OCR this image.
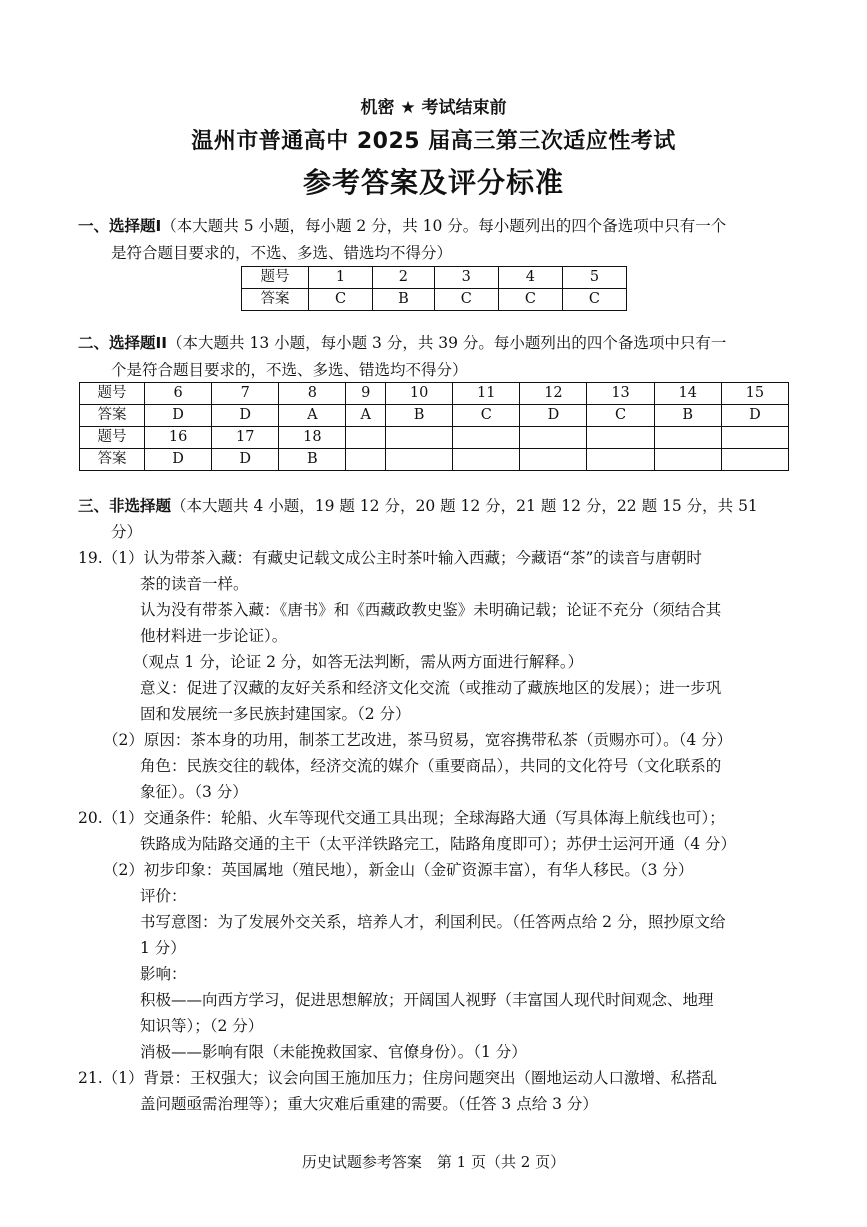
机密 ★ 考试结束前
温州市普通高中 2025 届高三第三次适应性考试
参考答案及评分标准
一、选择题I（本大题共 5 小题，每小题 2 分，共 10 分。每小题列出的四个备选项中只有一个
是符合题目要求的，不选、多选、错选均不得分）
题号	1	2	3	4	5
答案	C	B	C	C	C
二、选择题II（本大题共 13 小题，每小题 3 分，共 39 分。每小题列出的四个备选项中只有一
个是符合题目要求的，不选、多选、错选均不得分）
题号	6	7	8	9	10	11	12	13	14	15
答案	D	D	A	A	B	C	D	C	B	D
题号	16	17	18							
答案	D	D	B							
三、非选择题（本大题共 4 小题，19 题 12 分，20 题 12 分，21 题 12 分，22 题 15 分，共 51
分）
19.（1）认为带茶入藏：有藏史记载文成公主时茶叶输入西藏；今藏语“茶”的读音与唐朝时
茶的读音一样。
认为没有带茶入藏：《唐书》和《西藏政教史鉴》未明确记载；论证不充分（须结合其
他材料进一步论证）。
（观点 1 分，论证 2 分，如答无法判断，需从两方面进行解释。）
意义：促进了汉藏的友好关系和经济文化交流（或推动了藏族地区的发展）；进一步巩
固和发展统一多民族封建国家。（2 分）
（2）原因：茶本身的功用，制茶工艺改进，茶马贸易，宽容携带私茶（贡赐亦可）。（4 分）
角色：民族交往的载体，经济交流的媒介（重要商品），共同的文化符号（文化联系的
象征）。（3 分）
20.（1）交通条件：轮船、火车等现代交通工具出现；全球海路大通（写具体海上航线也可）；
铁路成为陆路交通的主干（太平洋铁路完工，陆路角度即可）；苏伊士运河开通（4 分）
（2）初步印象：英国属地（殖民地），新金山（金矿资源丰富），有华人移民。（3 分）
评价：
书写意图：为了发展外交关系，培养人才，利国利民。（任答两点给 2 分，照抄原文给
1 分）
影响：
积极——向西方学习，促进思想解放；开阔国人视野（丰富国人现代时间观念、地理
知识等）；（2 分）
消极——影响有限（未能挽救国家、官僚身份）。（1 分）
21.（1）背景：王权强大；议会向国王施加压力；住房问题突出（圈地运动人口激增、私搭乱
盖问题亟需治理等）；重大灾难后重建的需要。（任答 3 点给 3 分）
历史试题参考答案　第 1 页（共 2 页）
